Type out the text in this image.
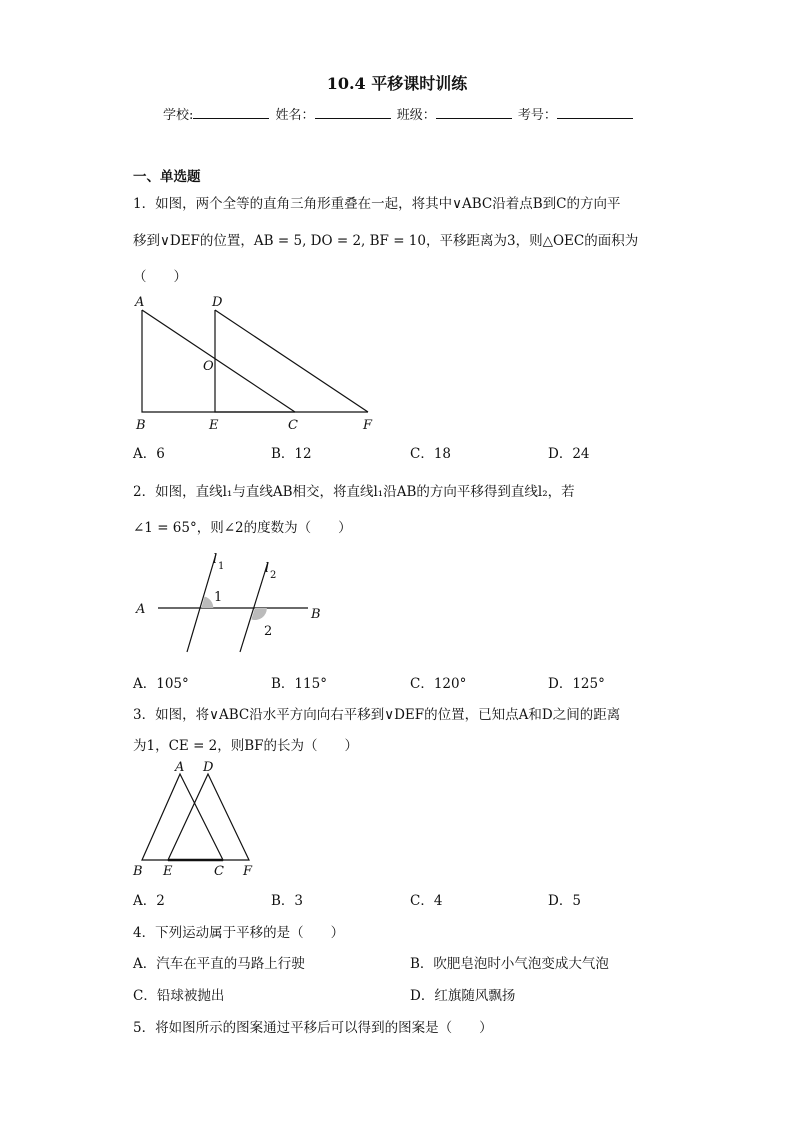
10.4 平移课时训练
学校:	姓名：	班级：	考号：
一、单选题
1．如图，两个全等的直角三角形重叠在一起，将其中∨ABC沿着点B到C的方向平
移到∨DEF的位置，AB = 5, DO = 2, BF = 10，平移距离为3，则△OEC的面积为
（　　）
A	D
O
B	E	C	F
A．6	B．12	C．18	D．24
2．如图，直线l₁与直线AB相交，将直线l₁沿AB的方向平移得到直线l₂，若
∠1 = 65°，则∠2的度数为（　　）
A	B
l 1	l 2
1
2
A．105°	B．115°	C．120°	D．125°
3．如图，将∨ABC沿水平方向向右平移到∨DEF的位置，已知点A和D之间的距离
为1，CE = 2，则BF的长为（　　）
A D
B E	C F
A．2	B．3	C．4	D．5
4．下列运动属于平移的是（　　）
A．汽车在平直的马路上行驶	B．吹肥皂泡时小气泡变成大气泡
C．铅球被抛出	D．红旗随风飘扬
5．将如图所示的图案通过平移后可以得到的图案是（　　）
